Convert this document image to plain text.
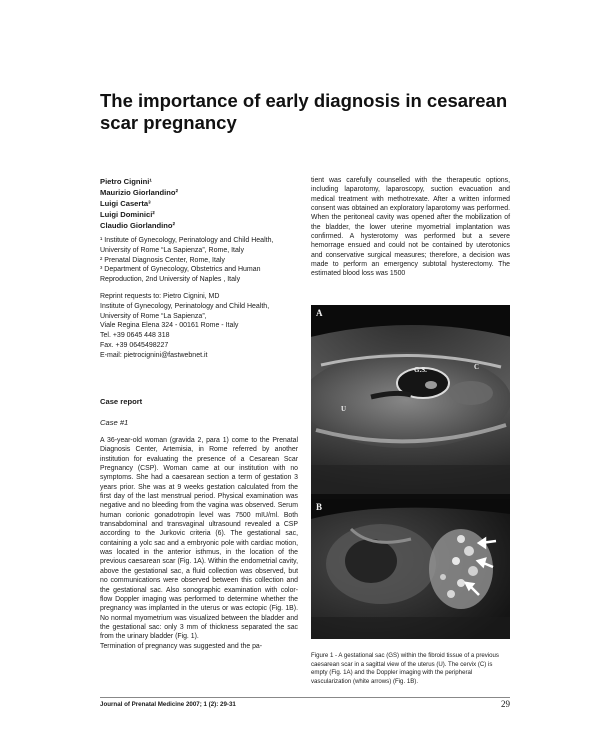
The importance of early diagnosis in cesarean scar pregnancy
Pietro Cignini¹
Maurizio Giorlandino²
Luigi Caserta³
Luigi Dominici²
Claudio Giorlandino²

¹ Institute of Gynecology, Perinatology and Child Health, University of Rome “La Sapienza”, Rome, Italy

² Prenatal Diagnosis Center, Rome, Italy

³ Department of Gynecology, Obstetrics and Human Reproduction, 2nd University of Naples , Italy

Reprint requests to: Pietro Cignini, MD

Institute of Gynecology, Perinatology and Child Health, University of Rome “La Sapienza”,

Viale Regina Elena 324 - 00161 Rome - Italy

Tel. +39 0645 448 318

Fax. +39 0645498227

E-mail: pietrocignini@fastwebnet.it

Case report
Case #1

A 36-year-old woman (gravida 2, para 1) come to the Prenatal Diagnosis Center, Artemisia, in Rome referred by another institution for evaluating the presence of a Cesarean Scar Pregnancy (CSP). Woman came at our institution with no symptoms. She had a caesarean section a term of gestation 3 years prior. She was at 9 weeks gestation calculated from the first day of the last menstrual period. Physical examination was negative and no bleeding from the vagina was observed. Serum human corionic gonadotropin level was 7500 mIU/ml. Both transabdominal and transvaginal ultrasound revealed a CSP according to the Jurkovic criteria (6). The gestational sac, containing a yolc sac and a embryonic pole with cardiac motion, was located in the anterior isthmus, in the location of the previous caesarean scar (Fig. 1A). Within the endometrial cavity, above the gestational sac, a fluid collection was observed, but no communications were observed between this collection and the gestational sac. Also sonographic examination with color-flow Doppler imaging was performed to determine whether the pregnancy was implanted in the uterus or was ectopic (Fig. 1B). No normal myometrium was visualized between the bladder and the gestational sac: only 3 mm of thickness separated the sac from the urinary bladder (Fig. 1).

Termination of pregnancy was suggested and the pa-

tient was carefully counselled with the therapeutic options, including laparotomy, laparoscopy, suction evacuation and medical treatment with methotrexate. After a written informed consent was obtained an exploratory laparotomy was performed. When the peritoneal cavity was opened after the mobilization of the bladder, the lower uterine myometrial implantation was confirmed. A hysterotomy was performed but a severe hemorrage ensued and could not be contained by uterotonics and conservative surgical measures; therefore, a decision was made to perform an emergency subtotal hysterectomy. The estimated blood loss was 1500
A
U
G.S.	C
B
Figure 1 - A gestational sac (GS) within the fibroid tissue of a previous caesarean scar in a sagittal view of the uterus (U). The cervix (C) is empty (Fig. 1A) and the Doppler imaging with the peripheral vascularization (white arrows) (Fig. 1B).
Journal of Prenatal Medicine 2007; 1 (2): 29-31	29
